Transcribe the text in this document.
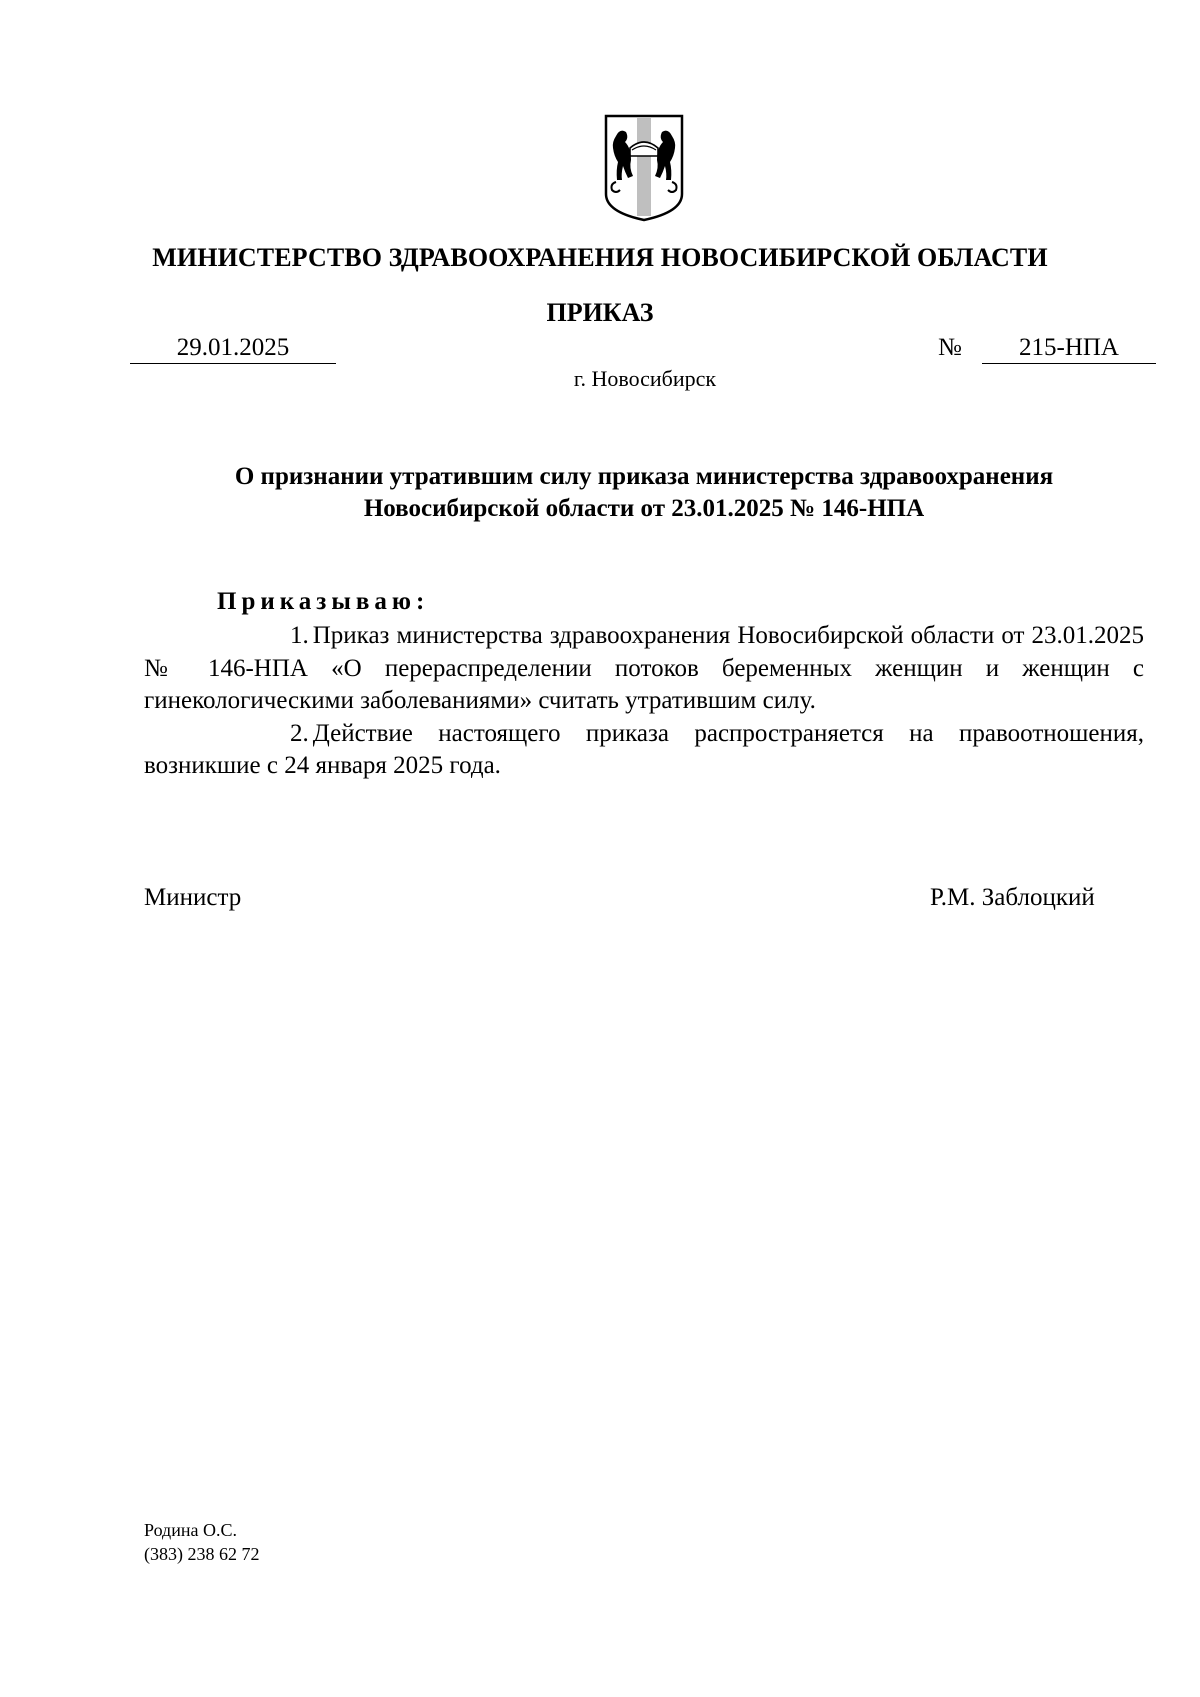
МИНИСТЕРСТВО ЗДРАВООХРАНЕНИЯ НОВОСИБИРСКОЙ ОБЛАСТИ
ПРИКАЗ
29.01.2025	№	215-НПА
г. Новосибирск
О признании утратившим силу приказа министерства здравоохранения
Новосибирской области от 23.01.2025 № 146-НПА
Приказываю:

1. Приказ министерства здравоохранения Новосибирской области от 23.01.2025 № 146-НПА «О перераспределении потоков беременных женщин и женщин с гинекологическими заболеваниями» считать утратившим силу.

2. Действие настоящего приказа распространяется на правоотношения, возникшие с 24 января 2025 года.

Министр	Р.М. Заблоцкий
Родина О.С.
(383) 238 62 72
